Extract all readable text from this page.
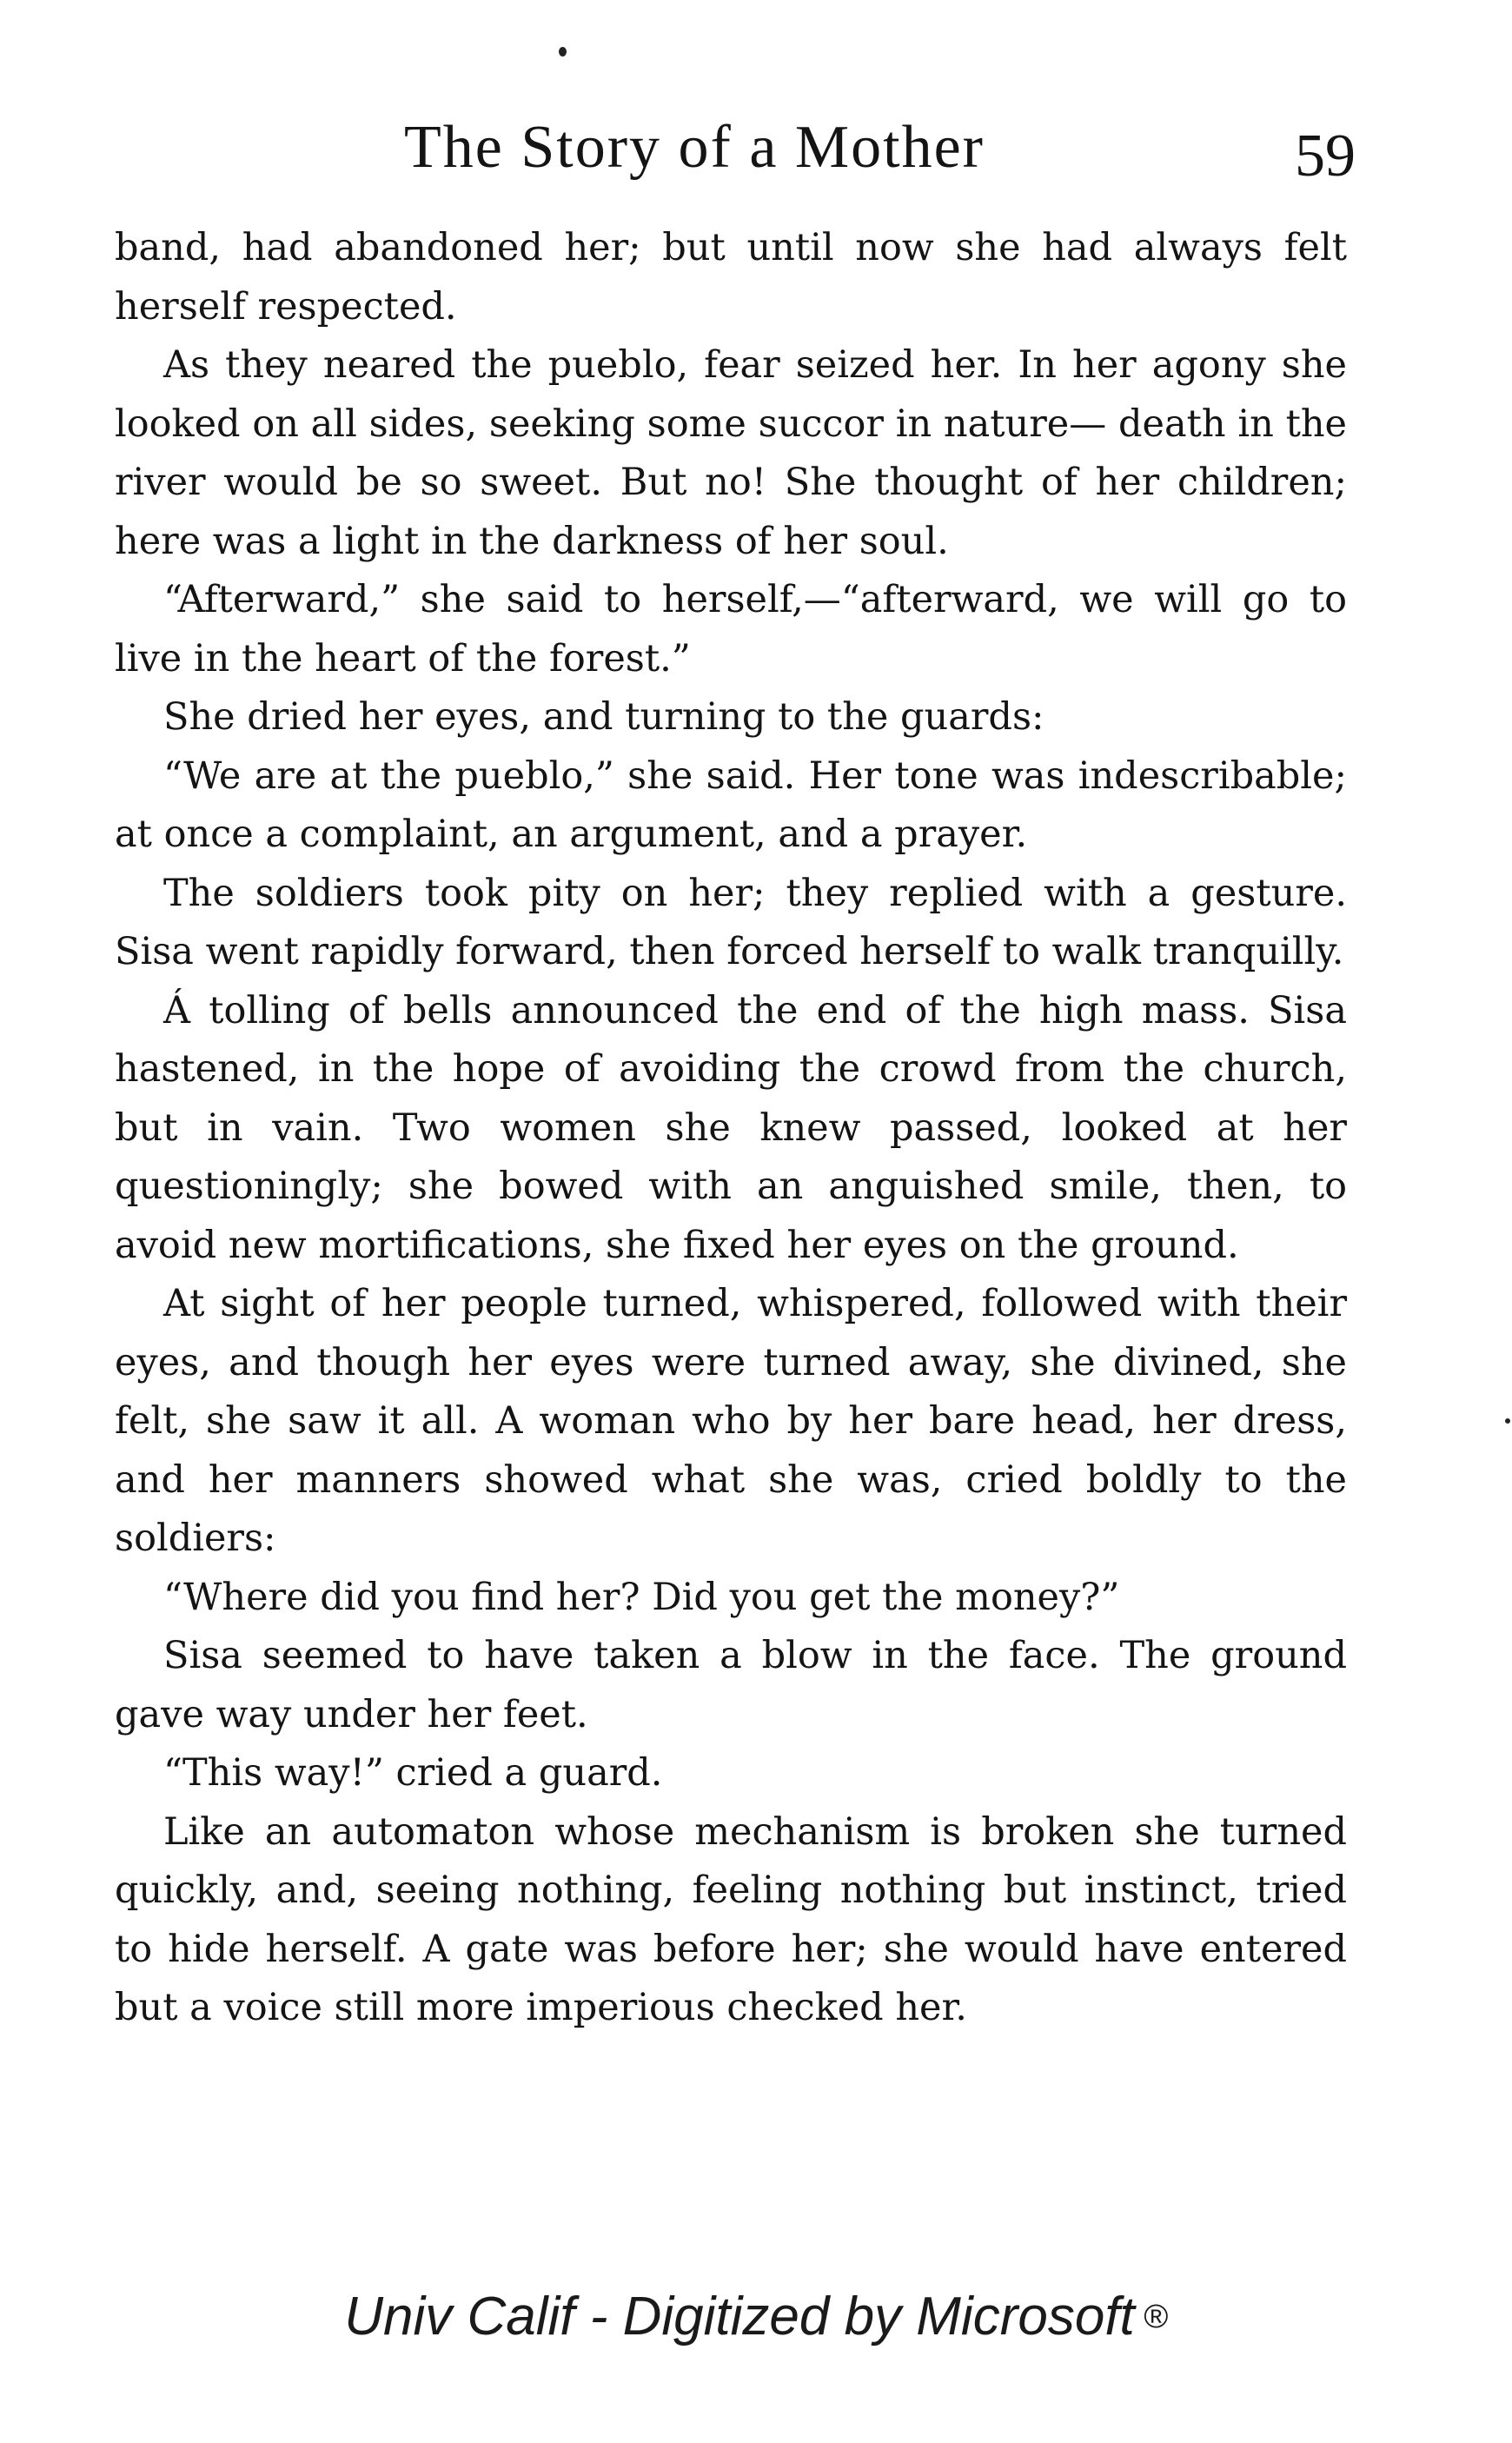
The Story of a Mother	59

band, had abandoned her; but until now she had always felt herself respected.

As they neared the pueblo, fear seized her. In her agony she looked on all sides, seeking some succor in nature— death in the river would be so sweet. But no! She thought of her children; here was a light in the darkness of her soul.

“Afterward,” she said to herself,—“afterward, we will go to live in the heart of the forest.”

She dried her eyes, and turning to the guards:

“We are at the pueblo,” she said. Her tone was indescribable; at once a complaint, an argument, and a prayer.

The soldiers took pity on her; they replied with a gesture. Sisa went rapidly forward, then forced herself to walk tranquilly.

Á tolling of bells announced the end of the high mass. Sisa hastened, in the hope of avoiding the crowd from the church, but in vain. Two women she knew passed, looked at her questioningly; she bowed with an anguished smile, then, to avoid new mortifications, she fixed her eyes on the ground.

At sight of her people turned, whispered, followed with their eyes, and though her eyes were turned away, she divined, she felt, she saw it all. A woman who by her bare head, her dress, and her manners showed what she was, cried boldly to the soldiers:

“Where did you find her? Did you get the money?”

Sisa seemed to have taken a blow in the face. The ground gave way under her feet.

“This way!” cried a guard.

Like an automaton whose mechanism is broken she turned quickly, and, seeing nothing, feeling nothing but instinct, tried to hide herself. A gate was before her; she would have entered but a voice still more imperious checked her.

Univ Calif - Digitized by Microsoft ®
